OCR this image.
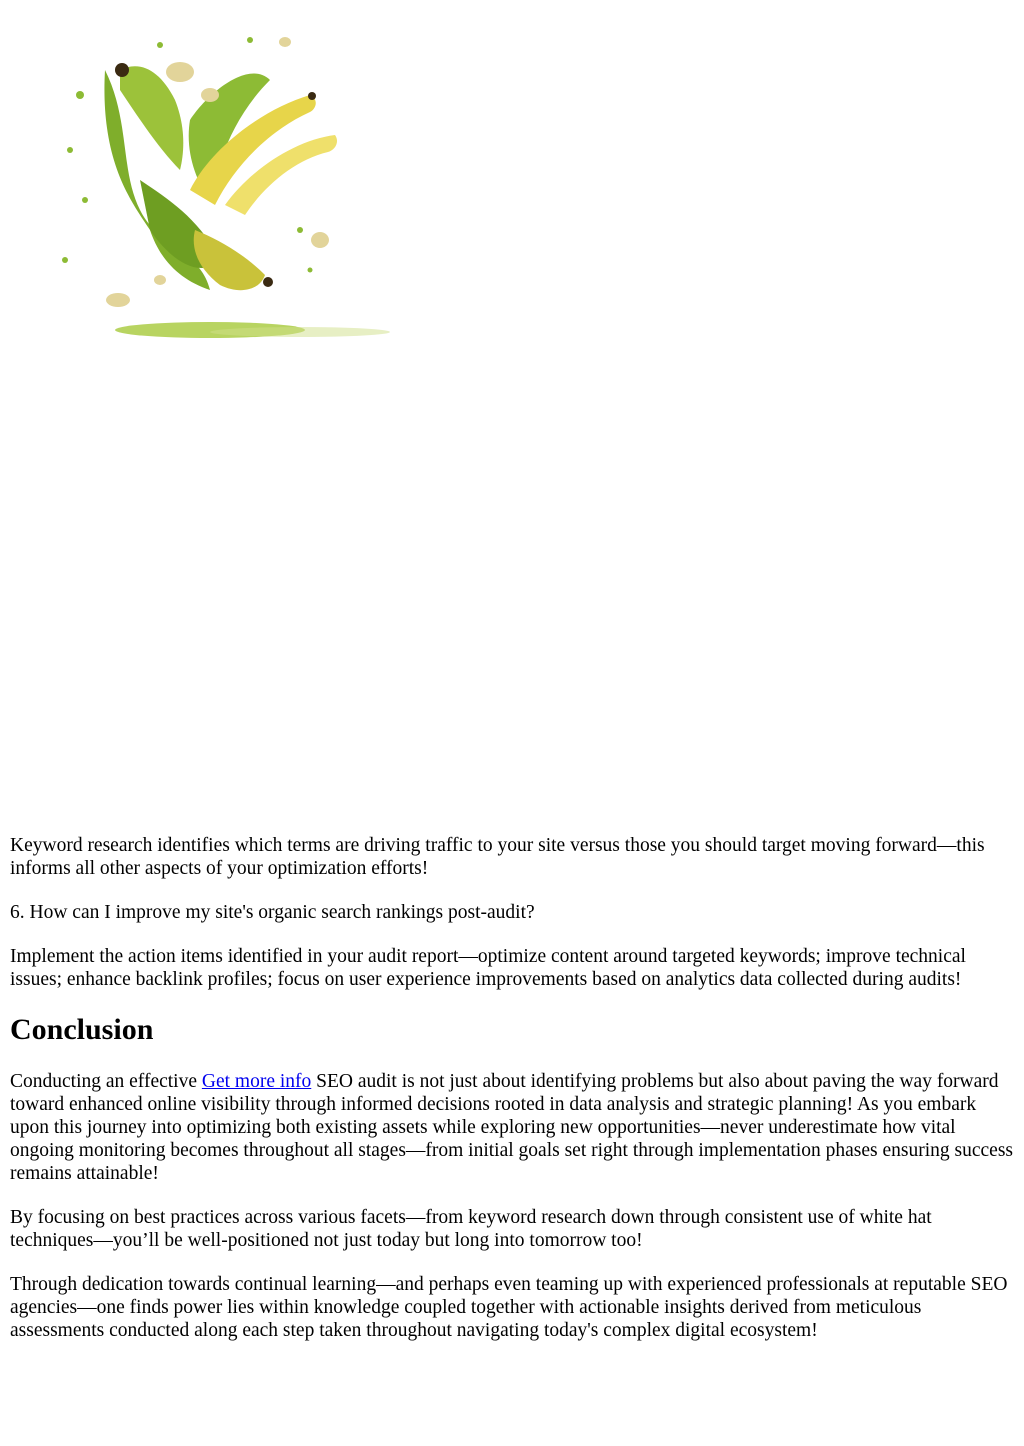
Keyword research identifies which terms are driving traffic to your site versus those you should target moving forward—this informs all other aspects of your optimization efforts!

6. How can I improve my site's organic search rankings post-audit?

Implement the action items identified in your audit report—optimize content around targeted keywords; improve technical issues; enhance backlink profiles; focus on user experience improvements based on analytics data collected during audits!

Conclusion

Conducting an effective Get more info SEO audit is not just about identifying problems but also about paving the way forward toward enhanced online visibility through informed decisions rooted in data analysis and strategic planning! As you embark upon this journey into optimizing both existing assets while exploring new opportunities—never underestimate how vital ongoing monitoring becomes throughout all stages—from initial goals set right through implementation phases ensuring success remains attainable!

By focusing on best practices across various facets—from keyword research down through consistent use of white hat techniques—you’ll be well-positioned not just today but long into tomorrow too!

Through dedication towards continual learning—and perhaps even teaming up with experienced professionals at reputable SEO agencies—one finds power lies within knowledge coupled together with actionable insights derived from meticulous assessments conducted along each step taken throughout navigating today's complex digital ecosystem!
